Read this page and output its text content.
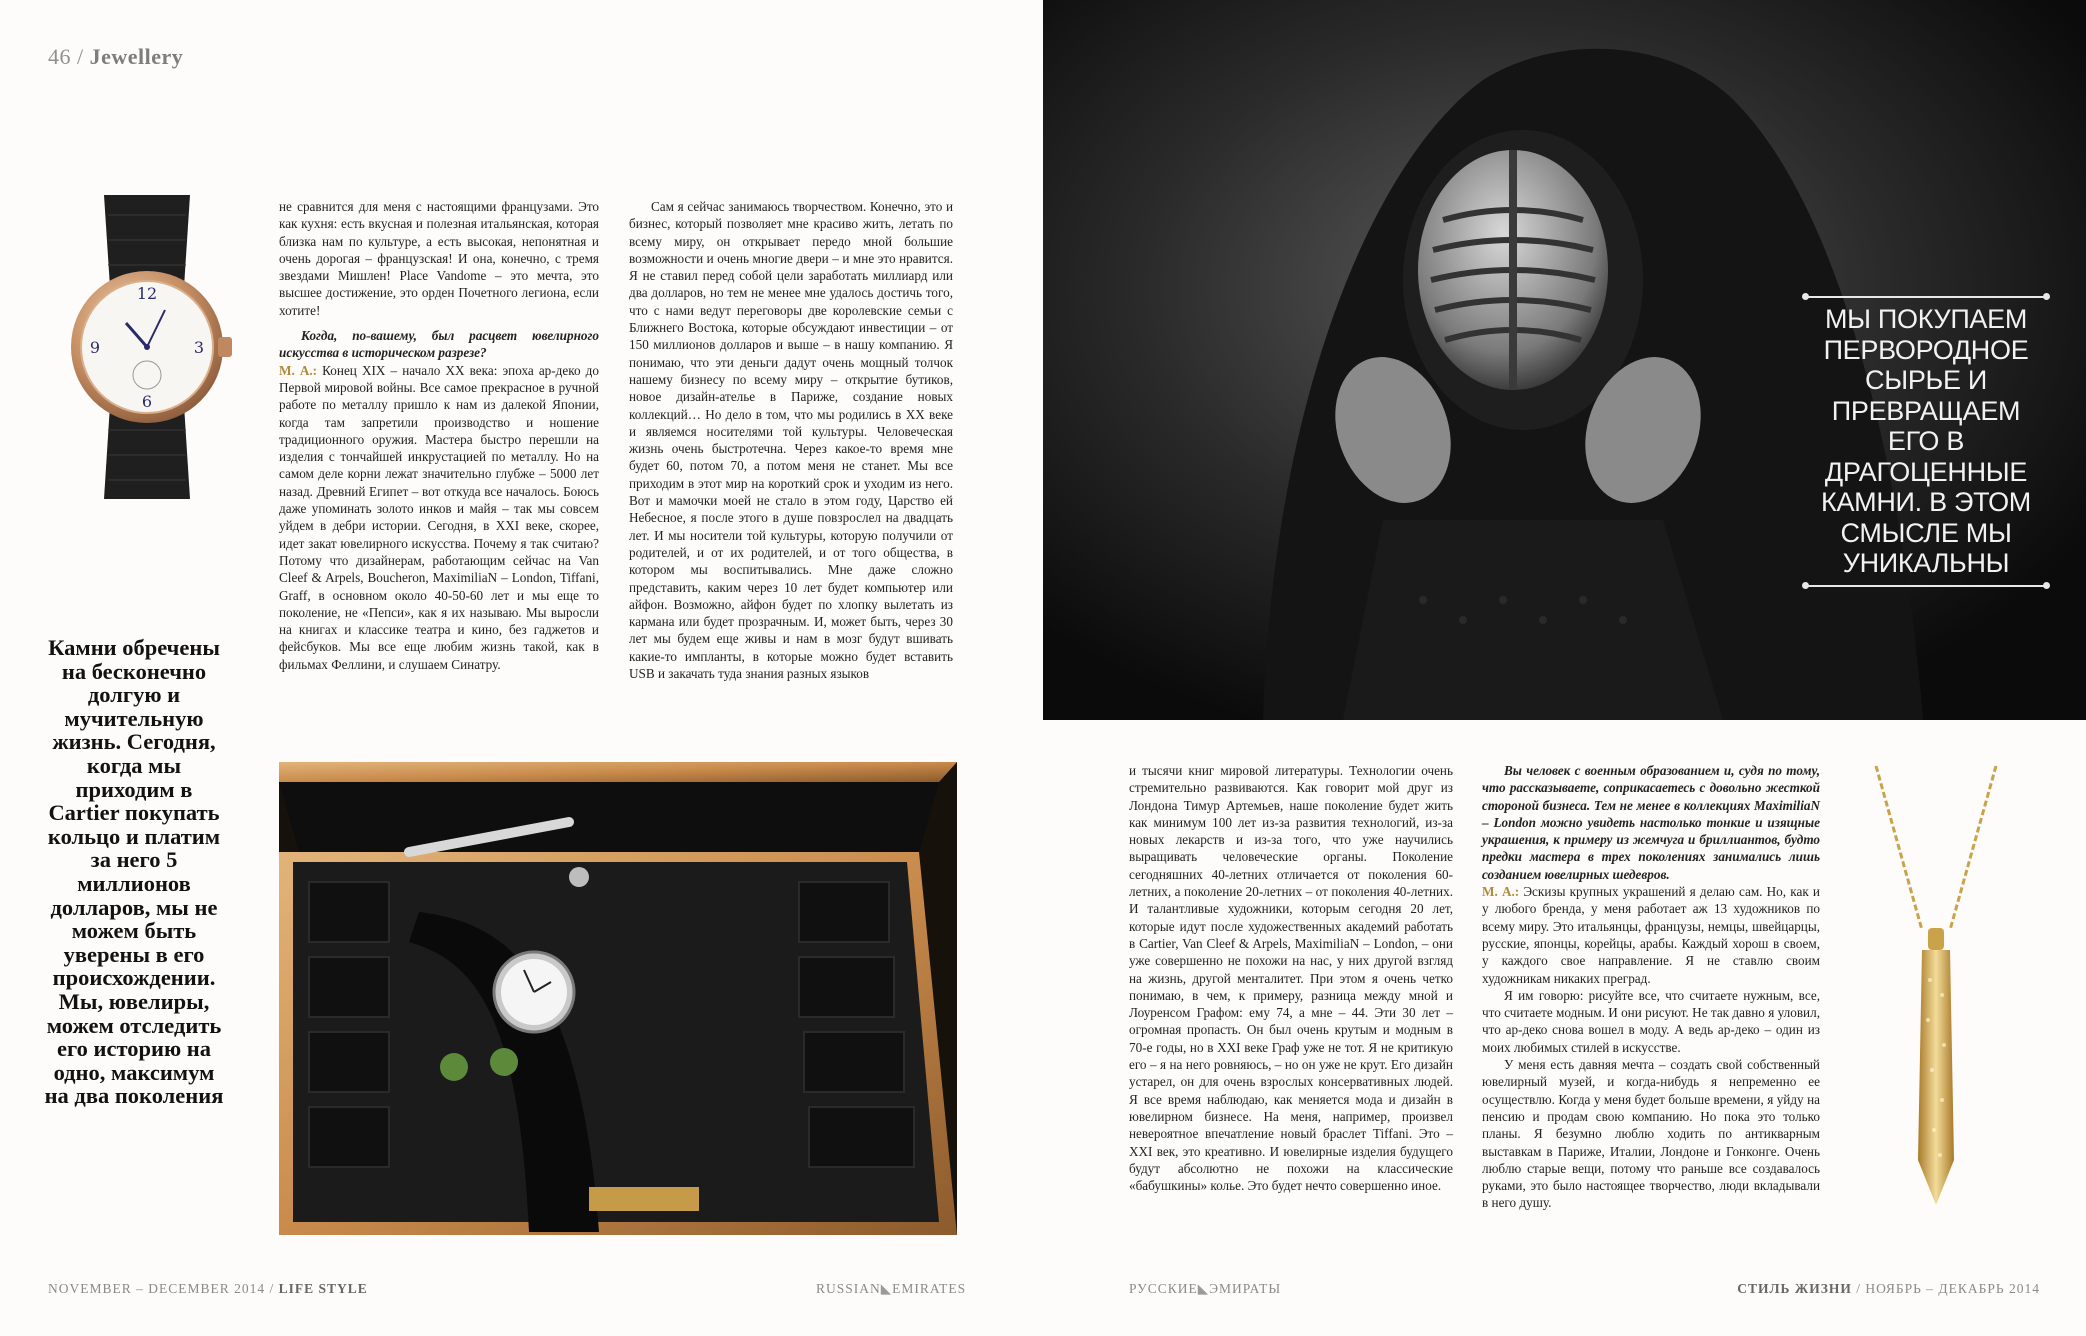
46 / Jewellery
12
3
6
9
Камни обречены на бесконечно долгую и мучительную жизнь. Сегодня, когда мы приходим в Cartier покупать кольцо и платим за него 5 миллионов долларов, мы не можем быть уверены в его происхождении. Мы, ювелиры, можем отследить его историю на одно, максимум на два поколения

не сравнится для меня с настоящими французами. Это как кухня: есть вкусная и полезная итальянская, которая близка нам по культуре, а есть высокая, непонятная и очень дорогая – французская! И она, конечно, с тремя звездами Мишлен! Place Vandome – это мечта, это высшее достижение, это орден Почетного легиона, если хотите!

Когда, по-вашему, был расцвет ювелирного искусства в историческом разрезе?

М. А.: Конец XIX – начало XX века: эпоха ар-деко до Первой мировой войны. Все самое прекрасное в ручной работе по металлу пришло к нам из далекой Японии, когда там запретили производство и ношение традиционного оружия. Мастера быстро перешли на изделия с тончайшей инкрустацией по металлу. Но на самом деле корни лежат значительно глубже – 5000 лет назад. Древний Египет – вот откуда все началось. Боюсь даже упоминать золото инков и майя – так мы совсем уйдем в дебри истории. Сегодня, в XXI веке, скорее, идет закат ювелирного искусства. Почему я так считаю? Потому что дизайнерам, работающим сейчас на Van Cleef & Arpels, Boucheron, MaximiliaN – London, Tiffani, Graff, в основном около 40-50-60 лет и мы еще то поколение, не «Пепси», как я их называю. Мы выросли на книгах и классике театра и кино, без гаджетов и фейсбуков. Мы все еще любим жизнь такой, как в фильмах Феллини, и слушаем Синатру.

Сам я сейчас занимаюсь творчеством. Конечно, это и бизнес, который позволяет мне красиво жить, летать по всему миру, он открывает передо мной большие возможности и очень многие двери – и мне это нравится. Я не ставил перед собой цели заработать миллиард или два долларов, но тем не менее мне удалось достичь того, что с нами ведут переговоры две королевские семьи с Ближнего Востока, которые обсуждают инвестиции – от 150 миллионов долларов и выше – в нашу компанию. Я понимаю, что эти деньги дадут очень мощный толчок нашему бизнесу по всему миру – открытие бутиков, новое дизайн-ателье в Париже, создание новых коллекций… Но дело в том, что мы родились в XX веке и являемся носителями той культуры. Человеческая жизнь очень быстротечна. Через какое-то время мне будет 60, потом 70, а потом меня не станет. Мы все приходим в этот мир на короткий срок и уходим из него. Вот и мамочки моей не стало в этом году, Царство ей Небесное, я после этого в душе повзрослел на двадцать лет. И мы носители той культуры, которую получили от родителей, и от их родителей, и от того общества, в котором мы воспитывались. Мне даже сложно представить, каким через 10 лет будет компьютер или айфон. Возможно, айфон будет по хлопку вылетать из кармана или будет прозрачным. И, может быть, через 30 лет мы будем еще живы и нам в мозг будут вшивать какие-то импланты, в которые можно будет вставить USB и закачать туда знания разных языков

МЫ ПОКУПАЕМ ПЕРВОРОДНОЕ СЫРЬЕ И ПРЕВРАЩАЕМ ЕГО В ДРАГОЦЕННЫЕ КАМНИ. В ЭТОМ СМЫСЛЕ МЫ УНИКАЛЬНЫ

и тысячи книг мировой литературы. Технологии очень стремительно развиваются. Как говорит мой друг из Лондона Тимур Артемьев, наше поколение будет жить как минимум 100 лет из-за развития технологий, из-за новых лекарств и из-за того, что уже научились выращивать человеческие органы. Поколение сегодняшних 40-летних отличается от поколения 60-летних, а поколение 20-летних – от поколения 40-летних. И талантливые художники, которым сегодня 20 лет, которые идут после художественных академий работать в Cartier, Van Cleef & Arpels, MaximiliaN – London, – они уже совершенно не похожи на нас, у них другой взгляд на жизнь, другой менталитет. При этом я очень четко понимаю, в чем, к примеру, разница между мной и Лоуренсом Графом: ему 74, а мне – 44. Эти 30 лет – огромная пропасть. Он был очень крутым и модным в 70-е годы, но в XXI веке Граф уже не тот. Я не критикую его – я на него ровняюсь, – но он уже не крут. Его дизайн устарел, он для очень взрослых консервативных людей. Я все время наблюдаю, как меняется мода и дизайн в ювелирном бизнесе. На меня, например, произвел невероятное впечатление новый браслет Tiffani. Это – XXI век, это креативно. И ювелирные изделия будущего будут абсолютно не похожи на классические «бабушкины» колье. Это будет нечто совершенно иное.

Вы человек с военным образованием и, судя по тому, что рассказываете, соприкасаетесь с довольно жесткой стороной бизнеса. Тем не менее в коллекциях MaximiliaN – London можно увидеть настолько тонкие и изящные украшения, к примеру из жемчуга и бриллиантов, будто предки мастера в трех поколениях занимались лишь созданием ювелирных шедевров.

М. А.: Эскизы крупных украшений я делаю сам. Но, как и у любого бренда, у меня работает аж 13 художников по всему миру. Это итальянцы, французы, немцы, швейцарцы, русские, японцы, корейцы, арабы. Каждый хорош в своем, у каждого свое направление. Я не ставлю своим художникам никаких преград.

Я им говорю: рисуйте все, что считаете нужным, все, что считаете модным. И они рисуют. Не так давно я уловил, что ар-деко снова вошел в моду. А ведь ар-деко – один из моих любимых стилей в искусстве.

У меня есть давняя мечта – создать свой собственный ювелирный музей, и когда-нибудь я непременно ее осуществлю. Когда у меня будет больше времени, я уйду на пенсию и продам свою компанию. Но пока это только планы. Я безумно люблю ходить по антикварным выставкам в Париже, Италии, Лондоне и Гонконге. Очень люблю старые вещи, потому что раньше все создавалось руками, это было настоящее творчество, люди вкладывали в него душу.

NOVEMBER – DECEMBER 2014 / LIFE STYLE	RUSSIAN◣EMIRATES	РУССКИЕ◣ЭМИРАТЫ	СТИЛЬ ЖИЗНИ / НОЯБРЬ – ДЕКАБРЬ 2014
